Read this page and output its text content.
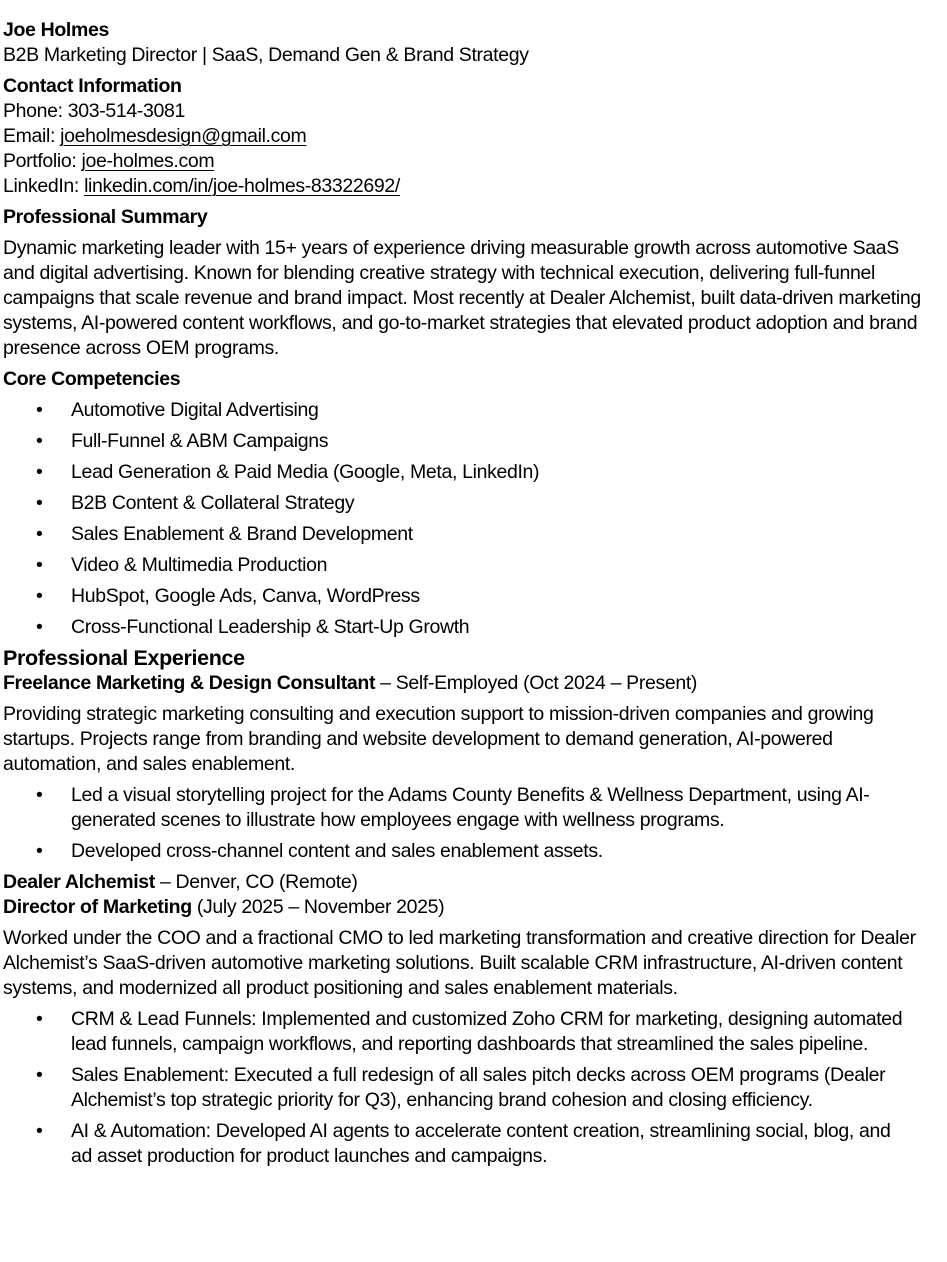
Joe Holmes

B2B Marketing Director | SaaS, Demand Gen & Brand Strategy

Contact Information

Phone: 303-514-3081

Email: joeholmesdesign@gmail.com

Portfolio: joe-holmes.com

LinkedIn: linkedin.com/in/joe-holmes-83322692/

Professional Summary

Dynamic marketing leader with 15+ years of experience driving measurable growth across automotive SaaS and digital advertising. Known for blending creative strategy with technical execution, delivering full-funnel campaigns that scale revenue and brand impact. Most recently at Dealer Alchemist, built data-driven marketing systems, AI-powered content workflows, and go-to-market strategies that elevated product adoption and brand presence across OEM programs.

Core Competencies
• Automotive Digital Advertising
• Full-Funnel & ABM Campaigns
• Lead Generation & Paid Media (Google, Meta, LinkedIn)
• B2B Content & Collateral Strategy
• Sales Enablement & Brand Development
• Video & Multimedia Production
• HubSpot, Google Ads, Canva, WordPress
• Cross-Functional Leadership & Start-Up Growth
Professional Experience

Freelance Marketing & Design Consultant – Self-Employed (Oct 2024 – Present)

Providing strategic marketing consulting and execution support to mission-driven companies and growing startups. Projects range from branding and website development to demand generation, AI-powered automation, and sales enablement.

• Led a visual storytelling project for the Adams County Benefits & Wellness Department, using AI-generated scenes to illustrate how employees engage with wellness programs.
• Developed cross-channel content and sales enablement assets.

Dealer Alchemist – Denver, CO (Remote)

Director of Marketing (July 2025 – November 2025)

Worked under the COO and a fractional CMO to led marketing transformation and creative direction for Dealer Alchemist’s SaaS-driven automotive marketing solutions. Built scalable CRM infrastructure, AI-driven content systems, and modernized all product positioning and sales enablement materials.

• CRM & Lead Funnels: Implemented and customized Zoho CRM for marketing, designing automated lead funnels, campaign workflows, and reporting dashboards that streamlined the sales pipeline.
• Sales Enablement: Executed a full redesign of all sales pitch decks across OEM programs (Dealer Alchemist’s top strategic priority for Q3), enhancing brand cohesion and closing efficiency.
• AI & Automation: Developed AI agents to accelerate content creation, streamlining social, blog, and ad asset production for product launches and campaigns.
